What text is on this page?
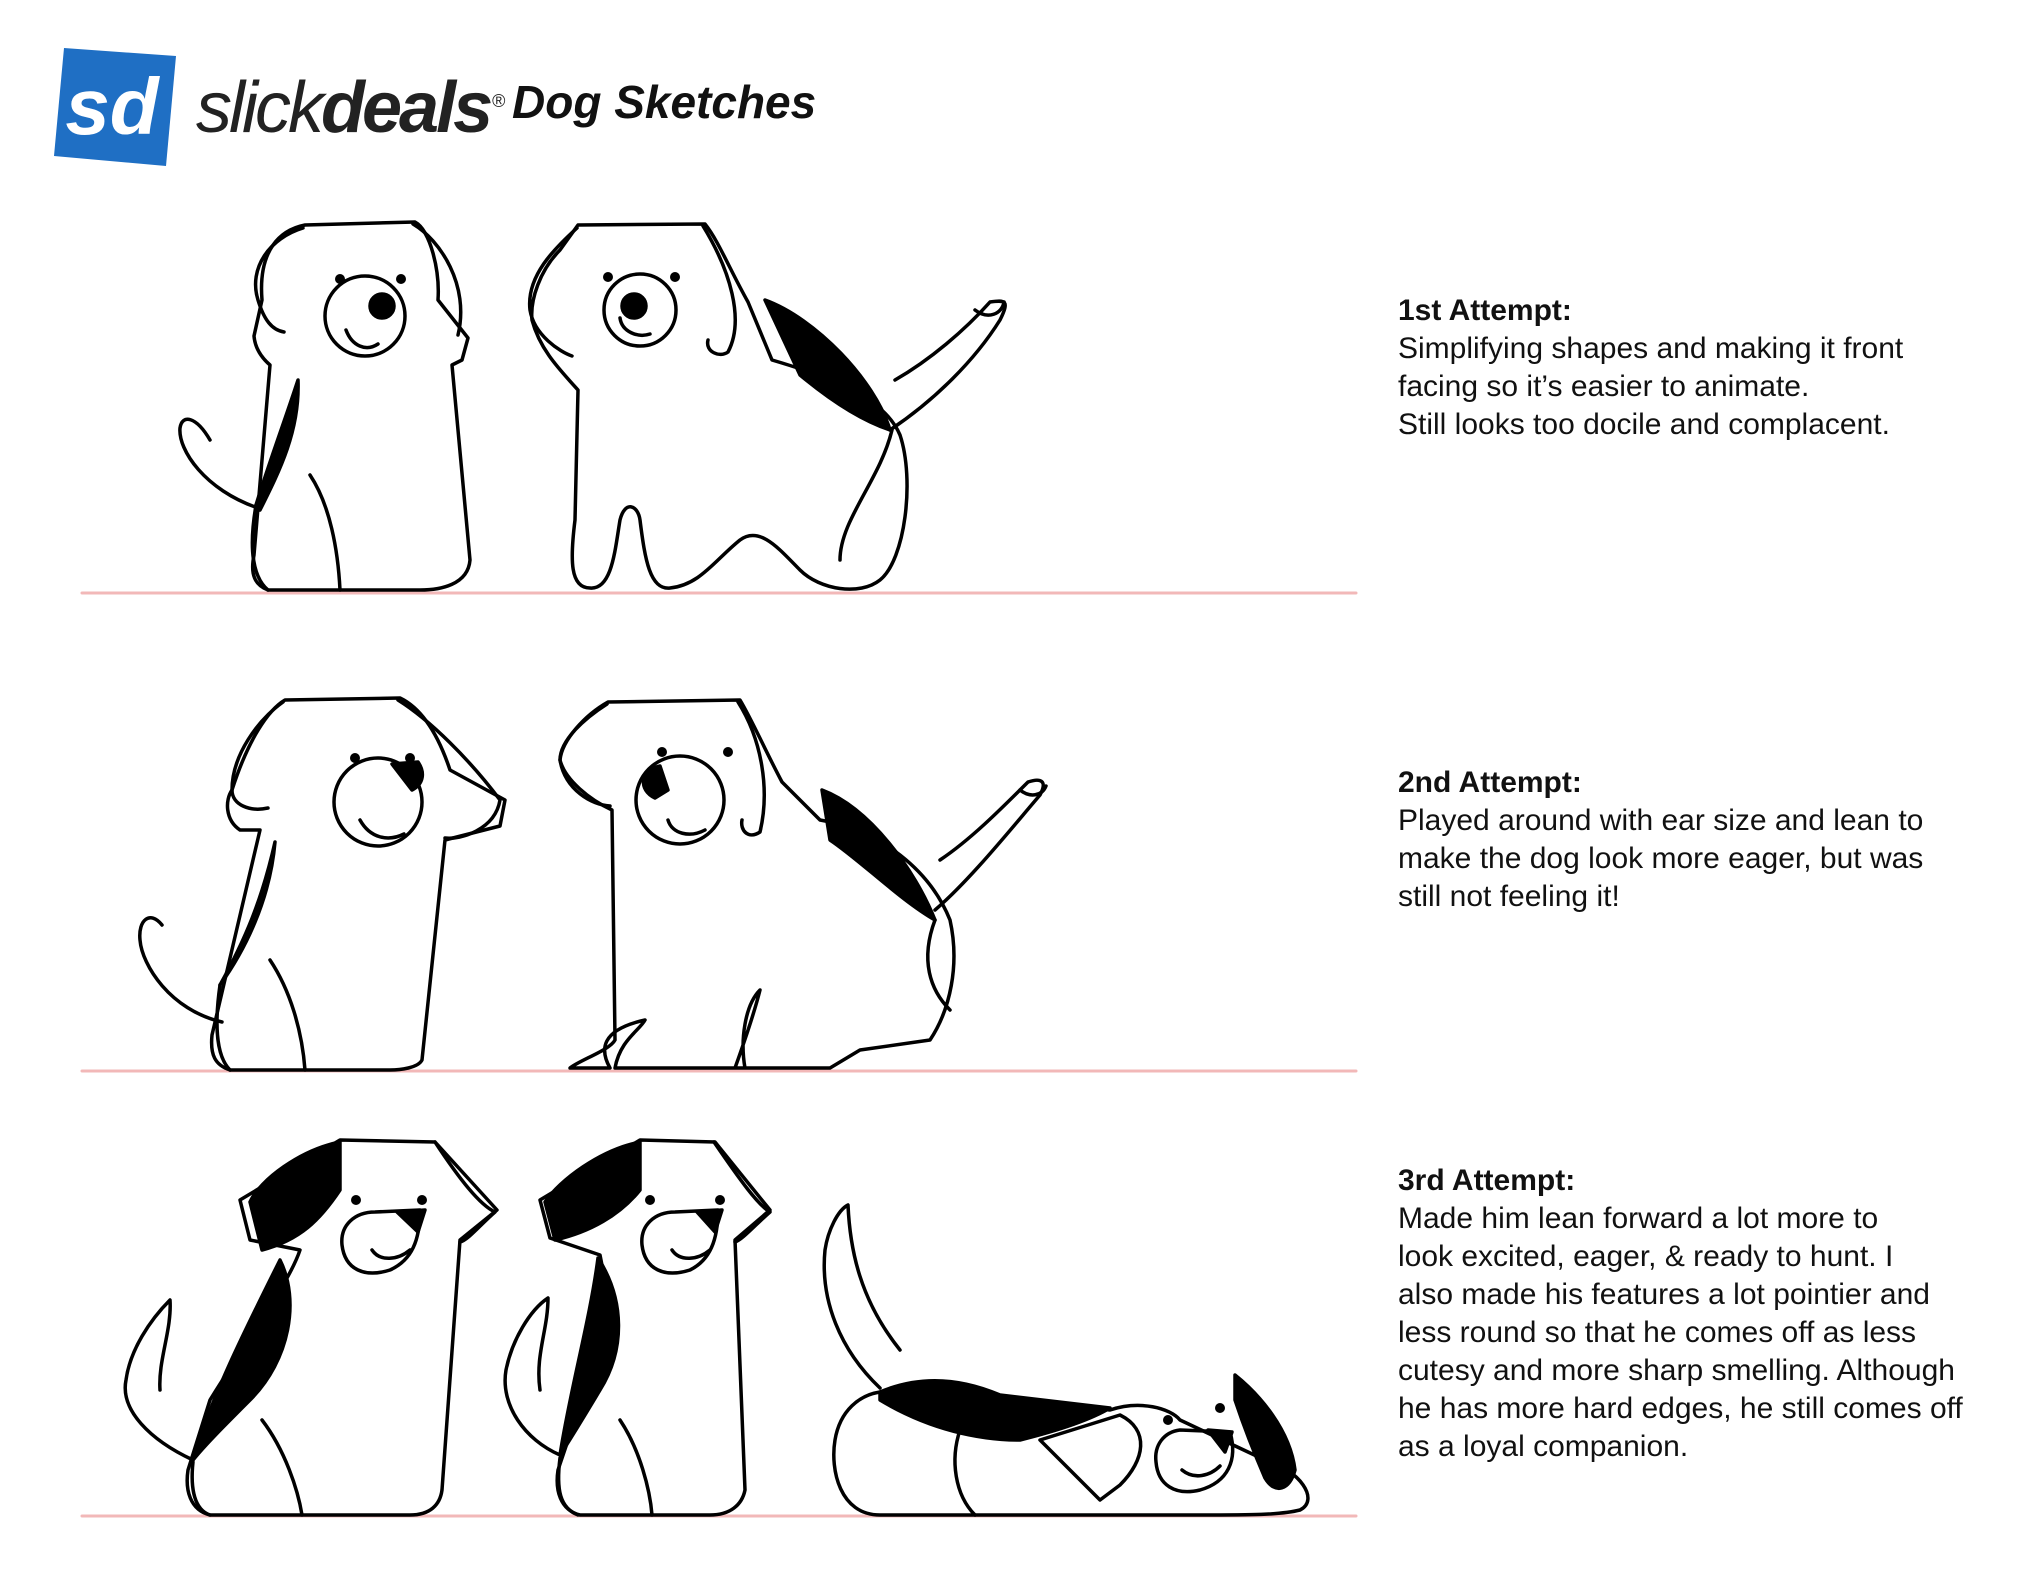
sd slickdeals ® Dog Sketches
1st Attempt:
Simplifying shapes and making it front
facing so it’s easier to animate.
Still looks too docile and complacent.
2nd Attempt:
Played around with ear size and lean to
make the dog look more eager, but was
still not feeling it!
3rd Attempt:
Made him lean forward a lot more to
look excited, eager, & ready to hunt. I
also made his features a lot pointier and
less round so that he comes off as less
cutesy and more sharp smelling. Although
he has more hard edges, he still comes off
as a loyal companion.
